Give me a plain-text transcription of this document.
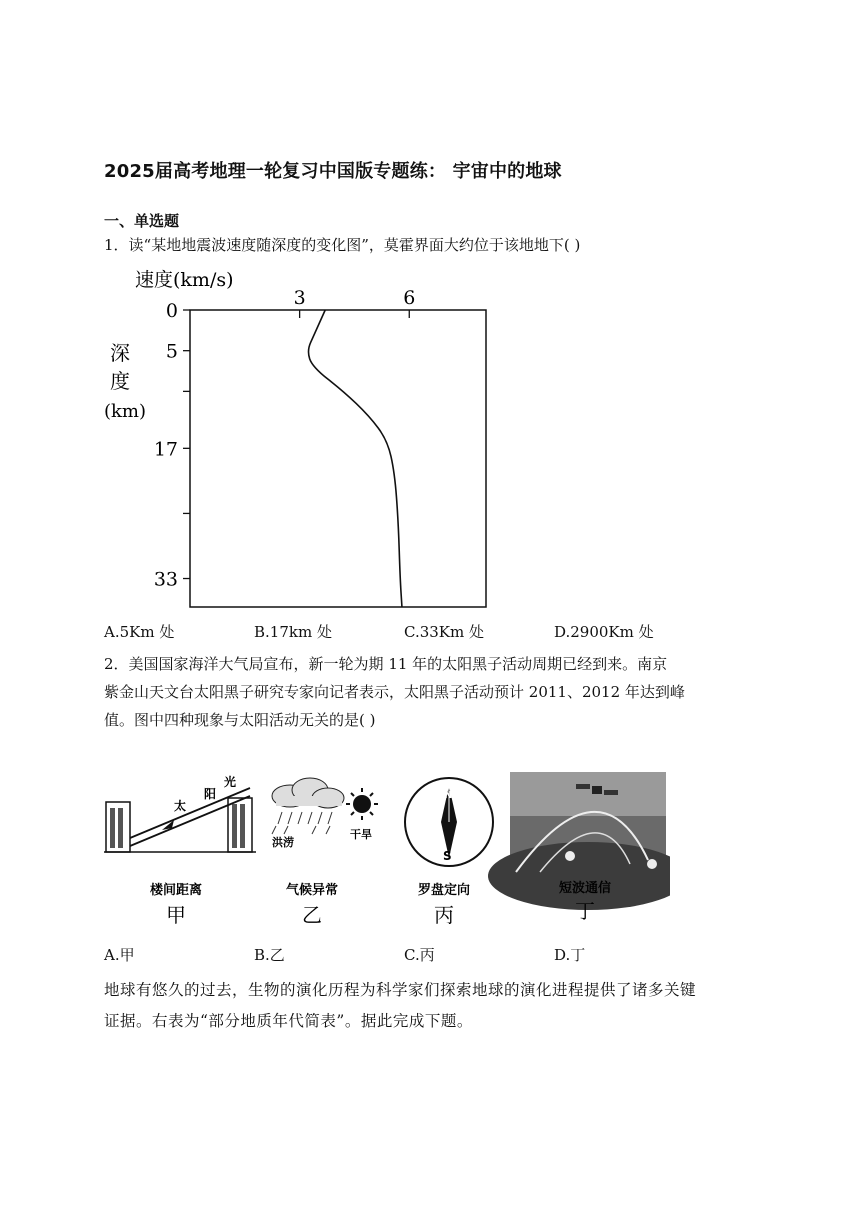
2025届高考地理一轮复习中国版专题练： 宇宙中的地球
一、单选题
1．读“某地地震波速度随深度的变化图”，莫霍界面大约位于该地地下( )
速度(km/s)
深
度
(km)
3	6
0
5
17
33
A.5Km 处	B.17km 处	C.33Km 处	D.2900Km 处
2．美国国家海洋大气局宣布，新一轮为期 11 年的太阳黑子活动周期已经到来。南京
紫金山天文台太阳黑子研究专家向记者表示，太阳黑子活动预计 2011、2012 年达到峰
值。图中四种现象与太阳活动无关的是( )
太
阳
光
楼间距离
甲
洪涝
干旱
气候异常
乙
N
S
罗盘定向
丙
短波通信
丁
A.甲	B.乙	C.丙	D.丁
地球有悠久的过去，生物的演化历程为科学家们探索地球的演化进程提供了诸多关键
证据。右表为“部分地质年代简表”。据此完成下题。
